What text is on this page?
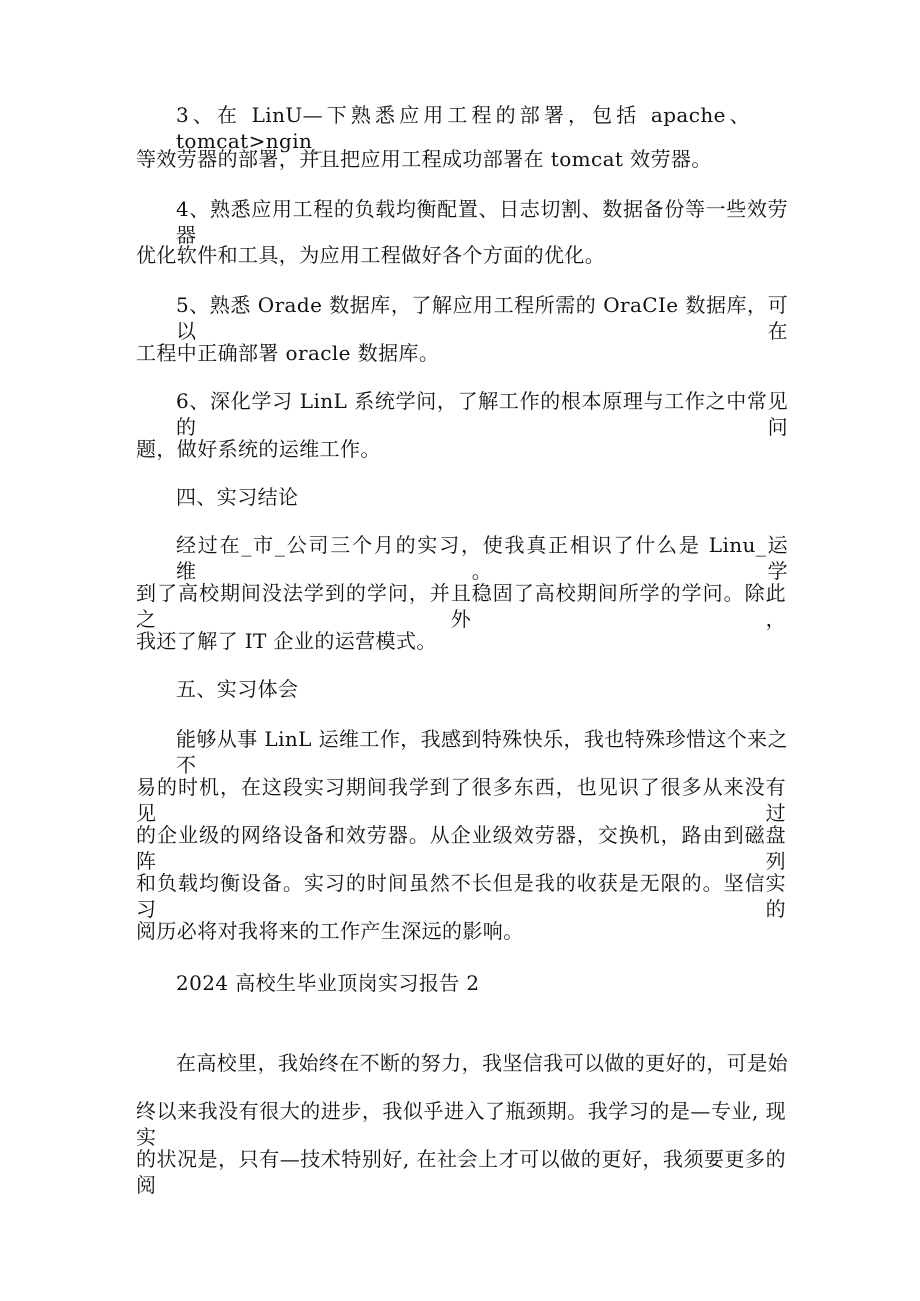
3、在 LinU—下熟悉应用工程的部署，包括 apache、tomcat>ngin_
等效劳器的部署，并且把应用工程成功部署在 tomcat 效劳器。
4、熟悉应用工程的负载均衡配置、日志切割、数据备份等一些效劳器
优化软件和工具，为应用工程做好各个方面的优化。
5、熟悉 Orade 数据库，了解应用工程所需的 OraCIe 数据库，可以在
工程中正确部署 oracle 数据库。
6、深化学习 LinL 系统学问，了解工作的根本原理与工作之中常见的问
题，做好系统的运维工作。
四、实习结论
经过在_市_公司三个月的实习，使我真正相识了什么是 Linu_运维。学
到了高校期间没法学到的学问，并且稳固了高校期间所学的学问。除此之外，
我还了解了 IT 企业的运营模式。
五、实习体会
能够从事 LinL 运维工作，我感到特殊快乐，我也特殊珍惜这个来之不
易的时机，在这段实习期间我学到了很多东西，也见识了很多从来没有见过
的企业级的网络设备和效劳器。从企业级效劳器，交换机，路由到磁盘阵列
和负载均衡设备。实习的时间虽然不长但是我的收获是无限的。坚信实习的
阅历必将对我将来的工作产生深远的影响。
2024 高校生毕业顶岗实习报告 2
在高校里，我始终在不断的努力，我坚信我可以做的更好的，可是始
终以来我没有很大的进步，我似乎进入了瓶颈期。我学习的是—专业, 现实
的状况是，只有—技术特别好, 在社会上才可以做的更好，我须要更多的阅
